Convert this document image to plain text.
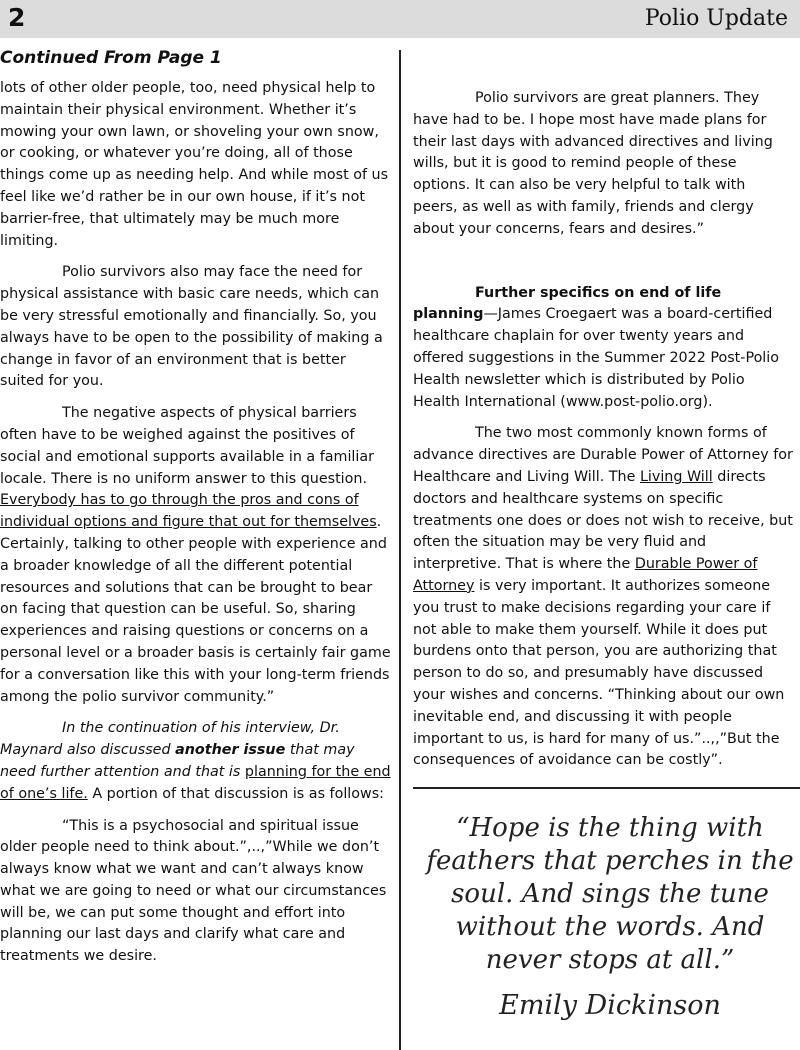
2	Polio Update
Continued From Page 1

lots of other older people, too, need physical help to maintain their physical environment. Whether it’s mowing your own lawn, or shoveling your own snow, or cooking, or whatever you’re doing, all of those things come up as needing help. And while most of us feel like we’d rather be in our own house, if it’s not barrier-free, that ultimately may be much more limiting.

Polio survivors also may face the need for physical assistance with basic care needs, which can be very stressful emotionally and financially. So, you always have to be open to the possibility of making a change in favor of an environment that is better suited for you.

The negative aspects of physical barriers often have to be weighed against the positives of social and emotional supports available in a familiar locale. There is no uniform answer to this question. Everybody has to go through the pros and cons of individual options and figure that out for themselves. Certainly, talking to other people with experience and a broader knowledge of all the different potential resources and solutions that can be brought to bear on facing that question can be useful. So, sharing experiences and raising questions or concerns on a personal level or a broader basis is certainly fair game for a conversation like this with your long-term friends among the polio survivor community.”

In the continuation of his interview, Dr. Maynard also discussed another issue that may need further attention and that is planning for the end of one’s life. A portion of that discussion is as follows:

“This is a psychosocial and spiritual issue older people need to think about.”,..,”While we don’t always know what we want and can’t always know what we are going to need or what our circumstances will be, we can put some thought and effort into planning our last days and clarify what care and treatments we desire.

Polio survivors are great planners. They have had to be. I hope most have made plans for their last days with advanced directives and living wills, but it is good to remind people of these options. It can also be very helpful to talk with peers, as well as with family, friends and clergy about your concerns, fears and desires.”

Further specifics on end of life planning—James Croegaert was a board-certified healthcare chaplain for over twenty years and offered suggestions in the Summer 2022 Post-Polio Health newsletter which is distributed by Polio Health International (www.post-polio.org).

The two most commonly known forms of advance directives are Durable Power of Attorney for Healthcare and Living Will. The Living Will directs doctors and healthcare systems on specific treatments one does or does not wish to receive, but often the situation may be very fluid and interpretive. That is where the Durable Power of Attorney is very important. It authorizes someone you trust to make decisions regarding your care if not able to make them yourself. While it does put burdens onto that person, you are authorizing that person to do so, and presumably have discussed your wishes and concerns. “Thinking about our own inevitable end, and discussing it with people important to us, is hard for many of us.”..,,”But the consequences of avoidance can be costly”.

“Hope is the thing with feathers that perches in the soul. And sings the tune without the words. And never stops at all.”
Emily Dickinson
